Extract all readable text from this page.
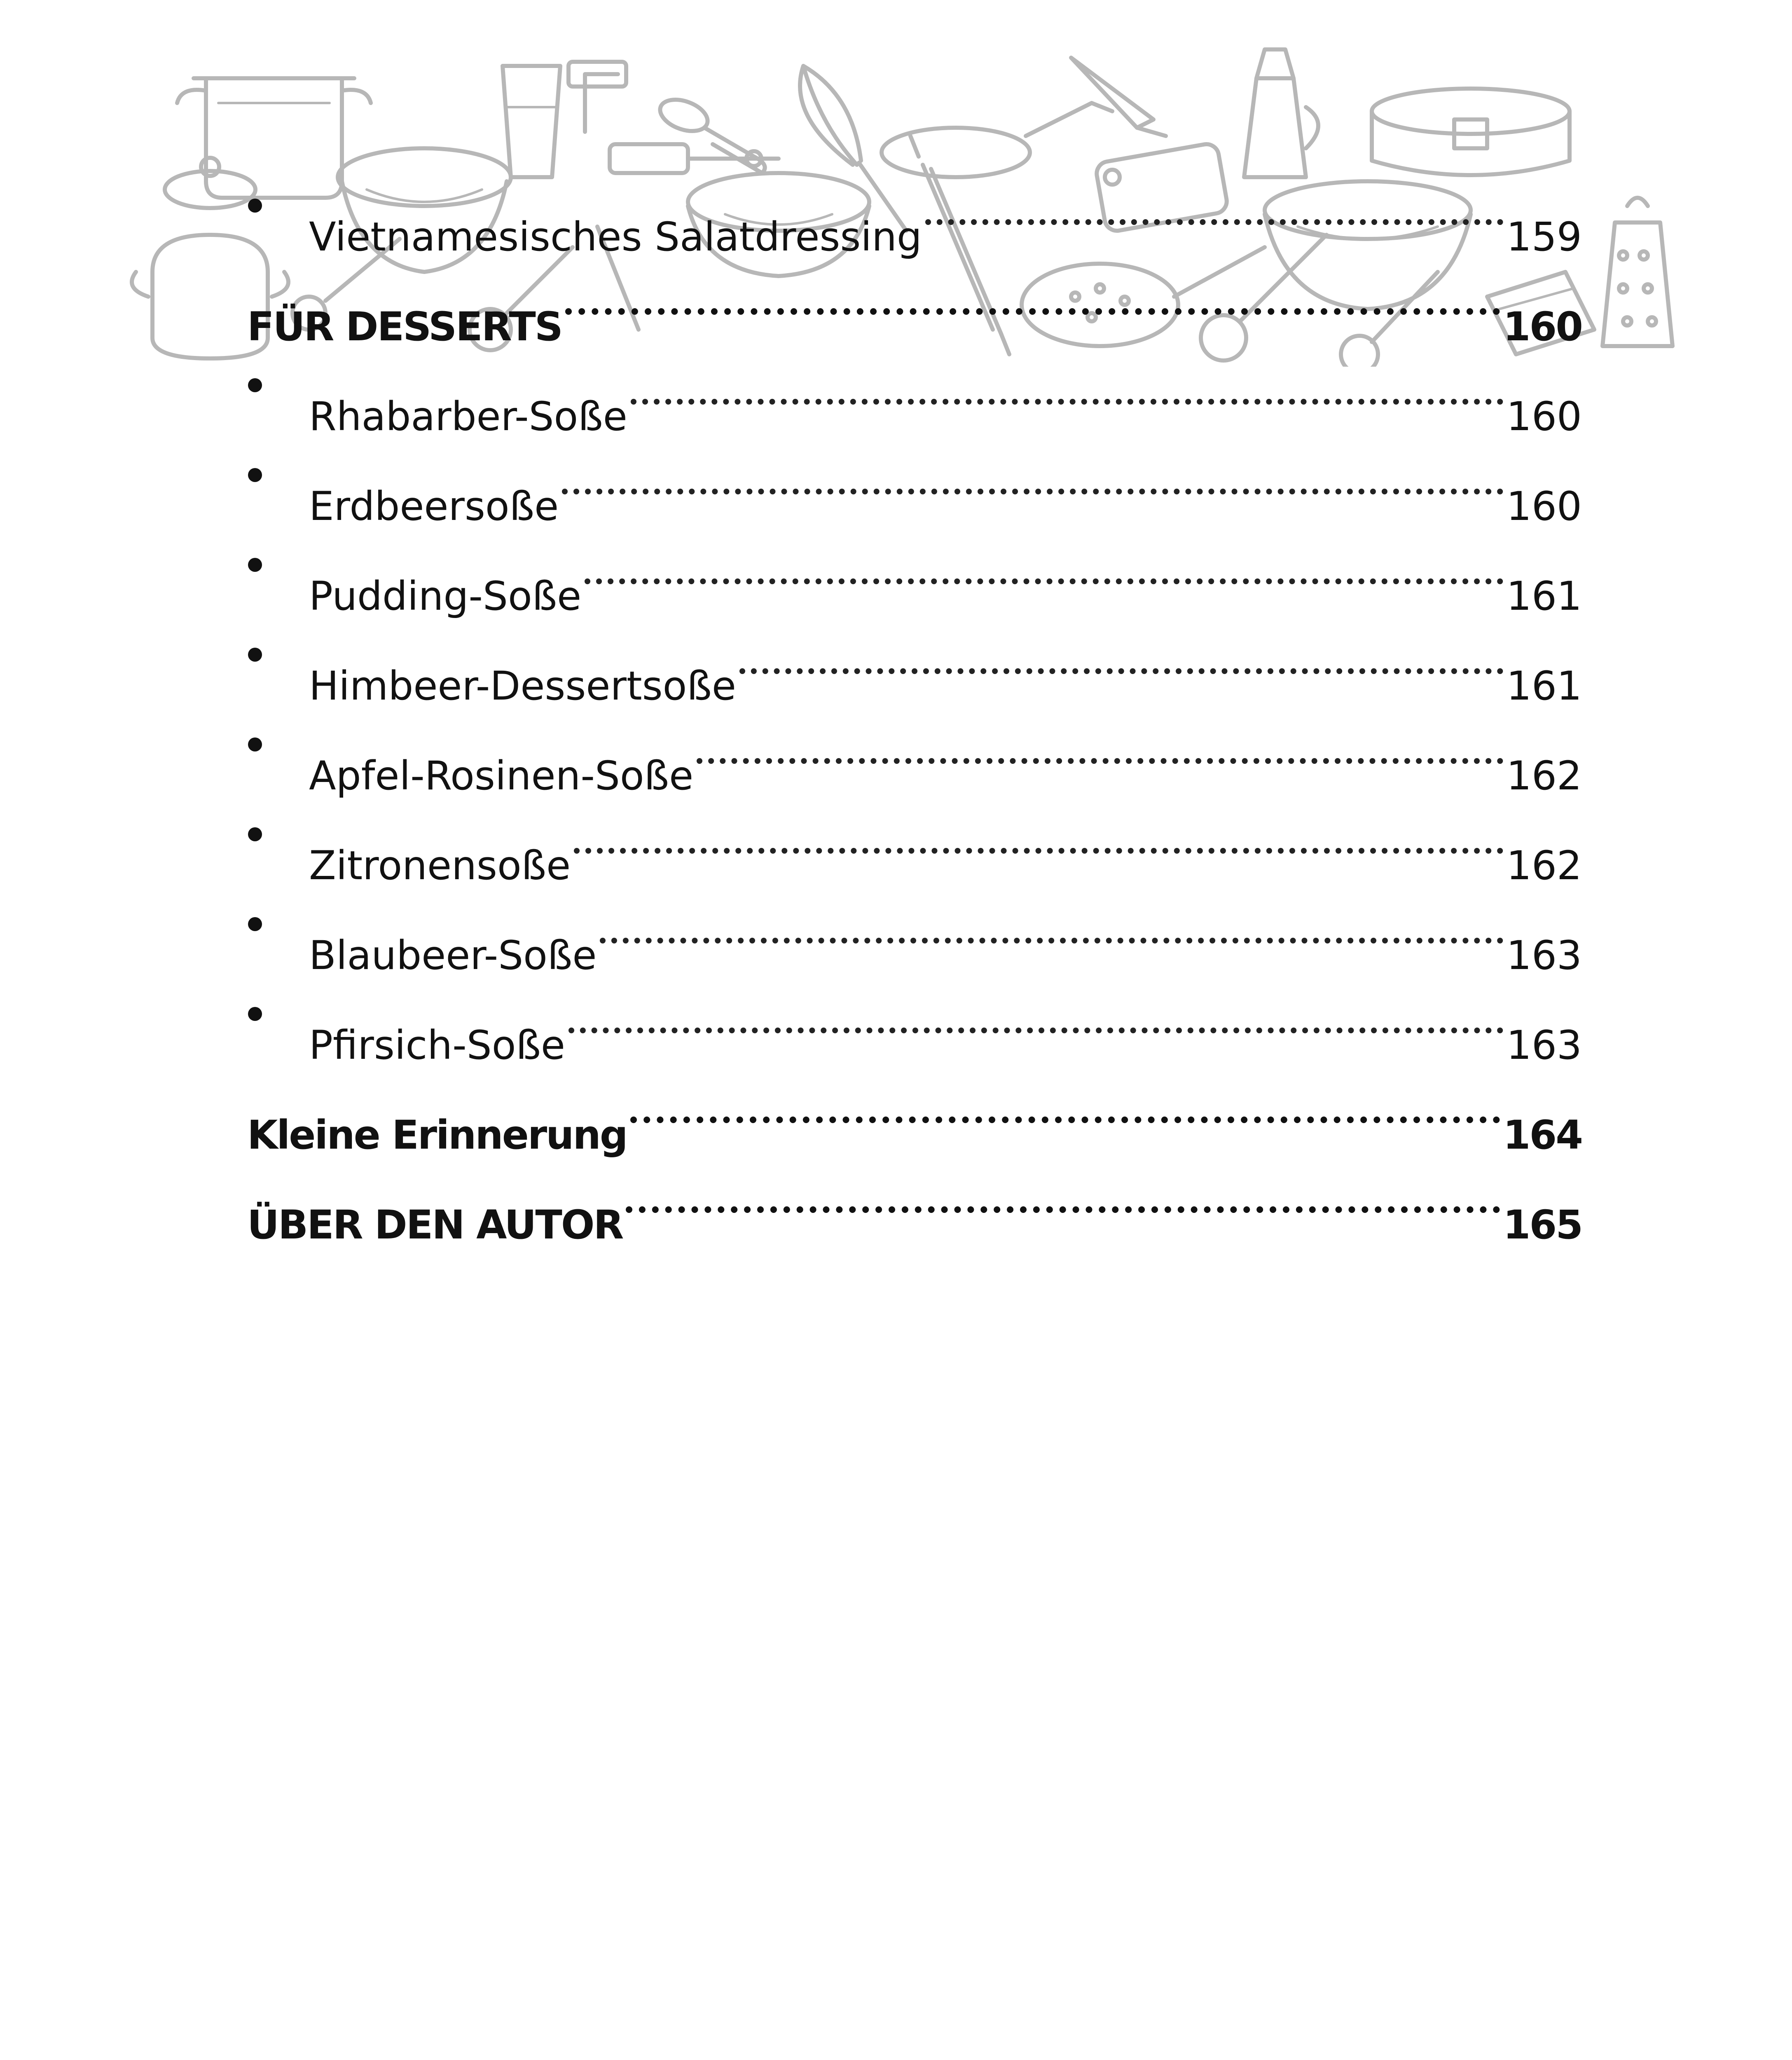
Vietnamesisches Salatdressing	159
FÜR DESSERTS	160
Rhabarber-Soße	160
Erdbeersoße	160
Pudding-Soße	161
Himbeer-Dessertsoße	161
Apfel-Rosinen-Soße	162
Zitronensoße	162
Blaubeer-Soße	163
Pfirsich-Soße	163
Kleine Erinnerung	164
ÜBER DEN AUTOR	165
